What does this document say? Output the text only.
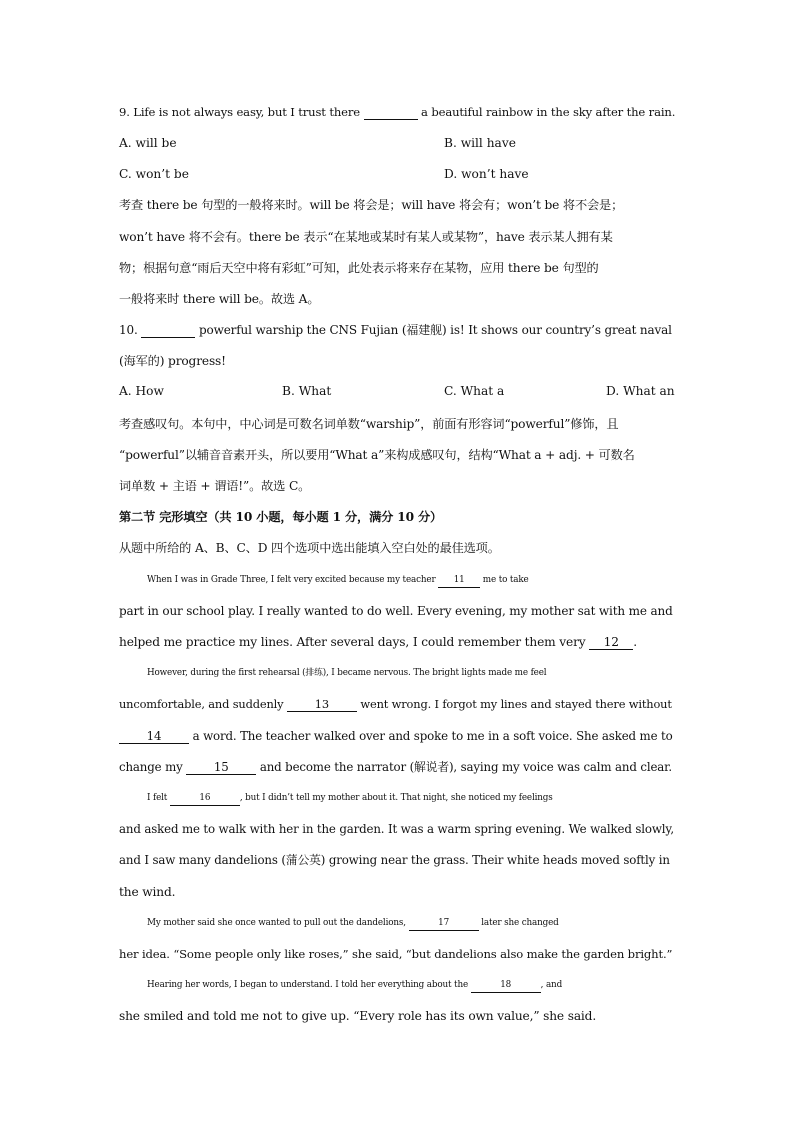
9. Life is not always easy, but I trust there	a beautiful rainbow in the sky after the rain.
A. will be	B. will have
C. won’t be	D. won’t have
考查 there be 句型的一般将来时。will be 将会是；will have 将会有；won’t be 将不会是；
won’t have 将不会有。there be 表示“在某地或某时有某人或某物”，have 表示某人拥有某
物；根据句意“雨后天空中将有彩虹”可知，此处表示将来存在某物，应用 there be 句型的
一般将来时 there will be。故选 A。
10.	powerful warship the CNS Fujian (福建舰) is! It shows our country’s great naval
(海军的) progress!
A. How	B. What	C. What a	D. What an
考查感叹句。本句中，中心词是可数名词单数“warship”，前面有形容词“powerful”修饰，且
“powerful”以辅音音素开头，所以要用“What a”来构成感叹句，结构“What a + adj. + 可数名
词单数 + 主语 + 谓语!”。故选 C。
第二节 完形填空（共 10 小题，每小题 1 分，满分 10 分）
从题中所给的 A、B、C、D 四个选项中选出能填入空白处的最佳选项。
When I was in Grade Three, I felt very excited because my teacher 11 me to take
part in our school play. I really wanted to do well. Every evening, my mother sat with me and
helped me practice my lines. After several days, I could remember them very 12 .
However, during the first rehearsal (排练), I became nervous. The bright lights made me feel
uncomfortable, and suddenly 13 went wrong. I forgot my lines and stayed there without
14 a word. The teacher walked over and spoke to me in a soft voice. She asked me to
change my 15 and become the narrator (解说者), saying my voice was calm and clear.
I felt	16	, but I didn’t tell my mother about it. That night, she noticed my feelings
and asked me to walk with her in the garden. It was a warm spring evening. We walked slowly,
and I saw many dandelions (蒲公英) growing near the grass. Their white heads moved softly in
the wind.
My mother said she once wanted to pull out the dandelions,	17	later she changed
her idea. “Some people only like roses,” she said, “but dandelions also make the garden bright.”
Hearing her words, I began to understand. I told her everything about the	18	, and
she smiled and told me not to give up. “Every role has its own value,” she said.
